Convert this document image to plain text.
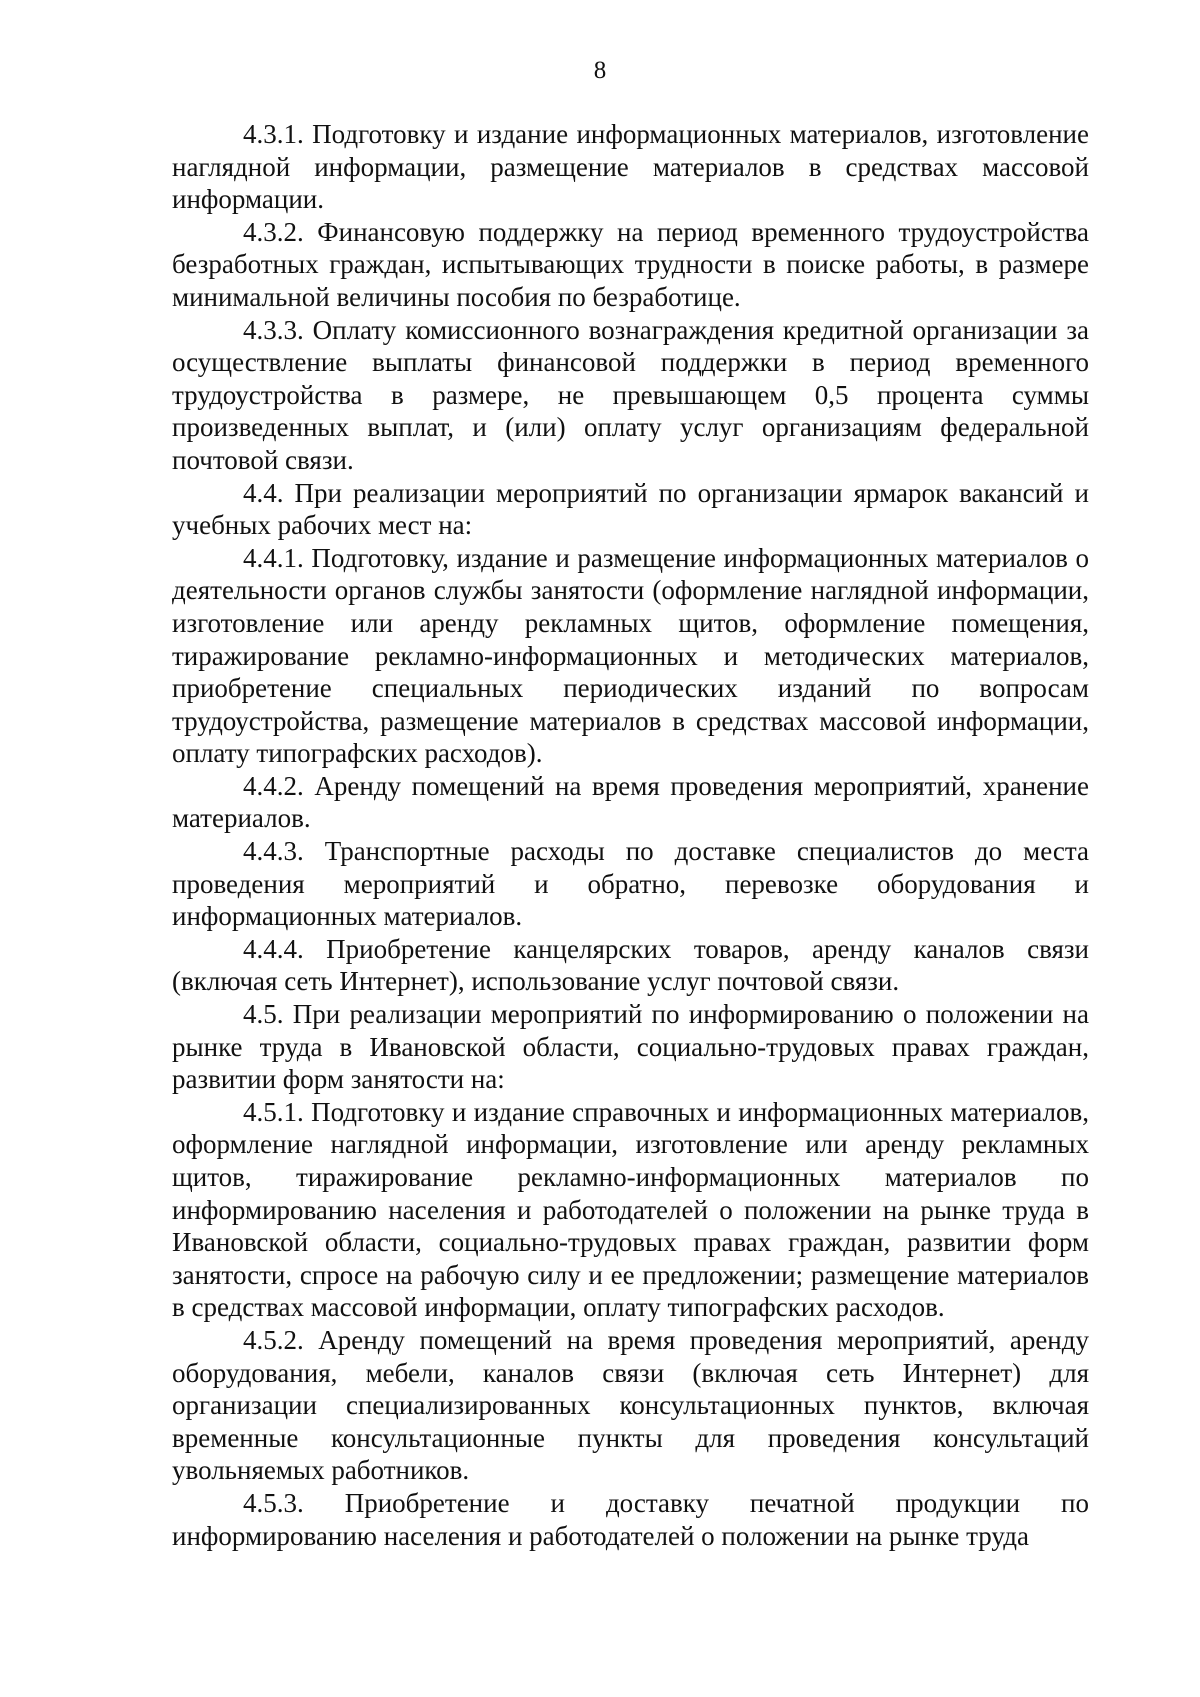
8

4.3.1. Подготовку и издание информационных материалов, изготовление наглядной информации, размещение материалов в средствах массовой информации.

4.3.2. Финансовую поддержку на период временного трудоустройства безработных граждан, испытывающих трудности в поиске работы, в размере минимальной величины пособия по безработице.

4.3.3. Оплату комиссионного вознаграждения кредитной организации за осуществление выплаты финансовой поддержки в период временного трудоустройства в размере, не превышающем 0,5 процента суммы произведенных выплат, и (или) оплату услуг организациям федеральной почтовой связи.

4.4. При реализации мероприятий по организации ярмарок вакансий и учебных рабочих мест на:

4.4.1. Подготовку, издание и размещение информационных материалов о деятельности органов службы занятости (оформление наглядной информации, изготовление или аренду рекламных щитов, оформление помещения, тиражирование рекламно-информационных и методических материалов, приобретение специальных периодических изданий по вопросам трудоустройства, размещение материалов в средствах массовой информации, оплату типографских расходов).

4.4.2. Аренду помещений на время проведения мероприятий, хранение материалов.

4.4.3. Транспортные расходы по доставке специалистов до места проведения мероприятий и обратно, перевозке оборудования и информационных материалов.

4.4.4. Приобретение канцелярских товаров, аренду каналов связи (включая сеть Интернет), использование услуг почтовой связи.

4.5. При реализации мероприятий по информированию о положении на рынке труда в Ивановской области, социально-трудовых правах граждан, развитии форм занятости на:

4.5.1. Подготовку и издание справочных и информационных материалов, оформление наглядной информации, изготовление или аренду рекламных щитов, тиражирование рекламно-информационных материалов по информированию населения и работодателей о положении на рынке труда в Ивановской области, социально-трудовых правах граждан, развитии форм занятости, спросе на рабочую силу и ее предложении; размещение материалов в средствах массовой информации, оплату типографских расходов.

4.5.2. Аренду помещений на время проведения мероприятий, аренду оборудования, мебели, каналов связи (включая сеть Интернет) для организации специализированных консультационных пунктов, включая временные консультационные пункты для проведения консультаций увольняемых работников.

4.5.3. Приобретение и доставку печатной продукции по информированию населения и работодателей о положении на рынке труда
